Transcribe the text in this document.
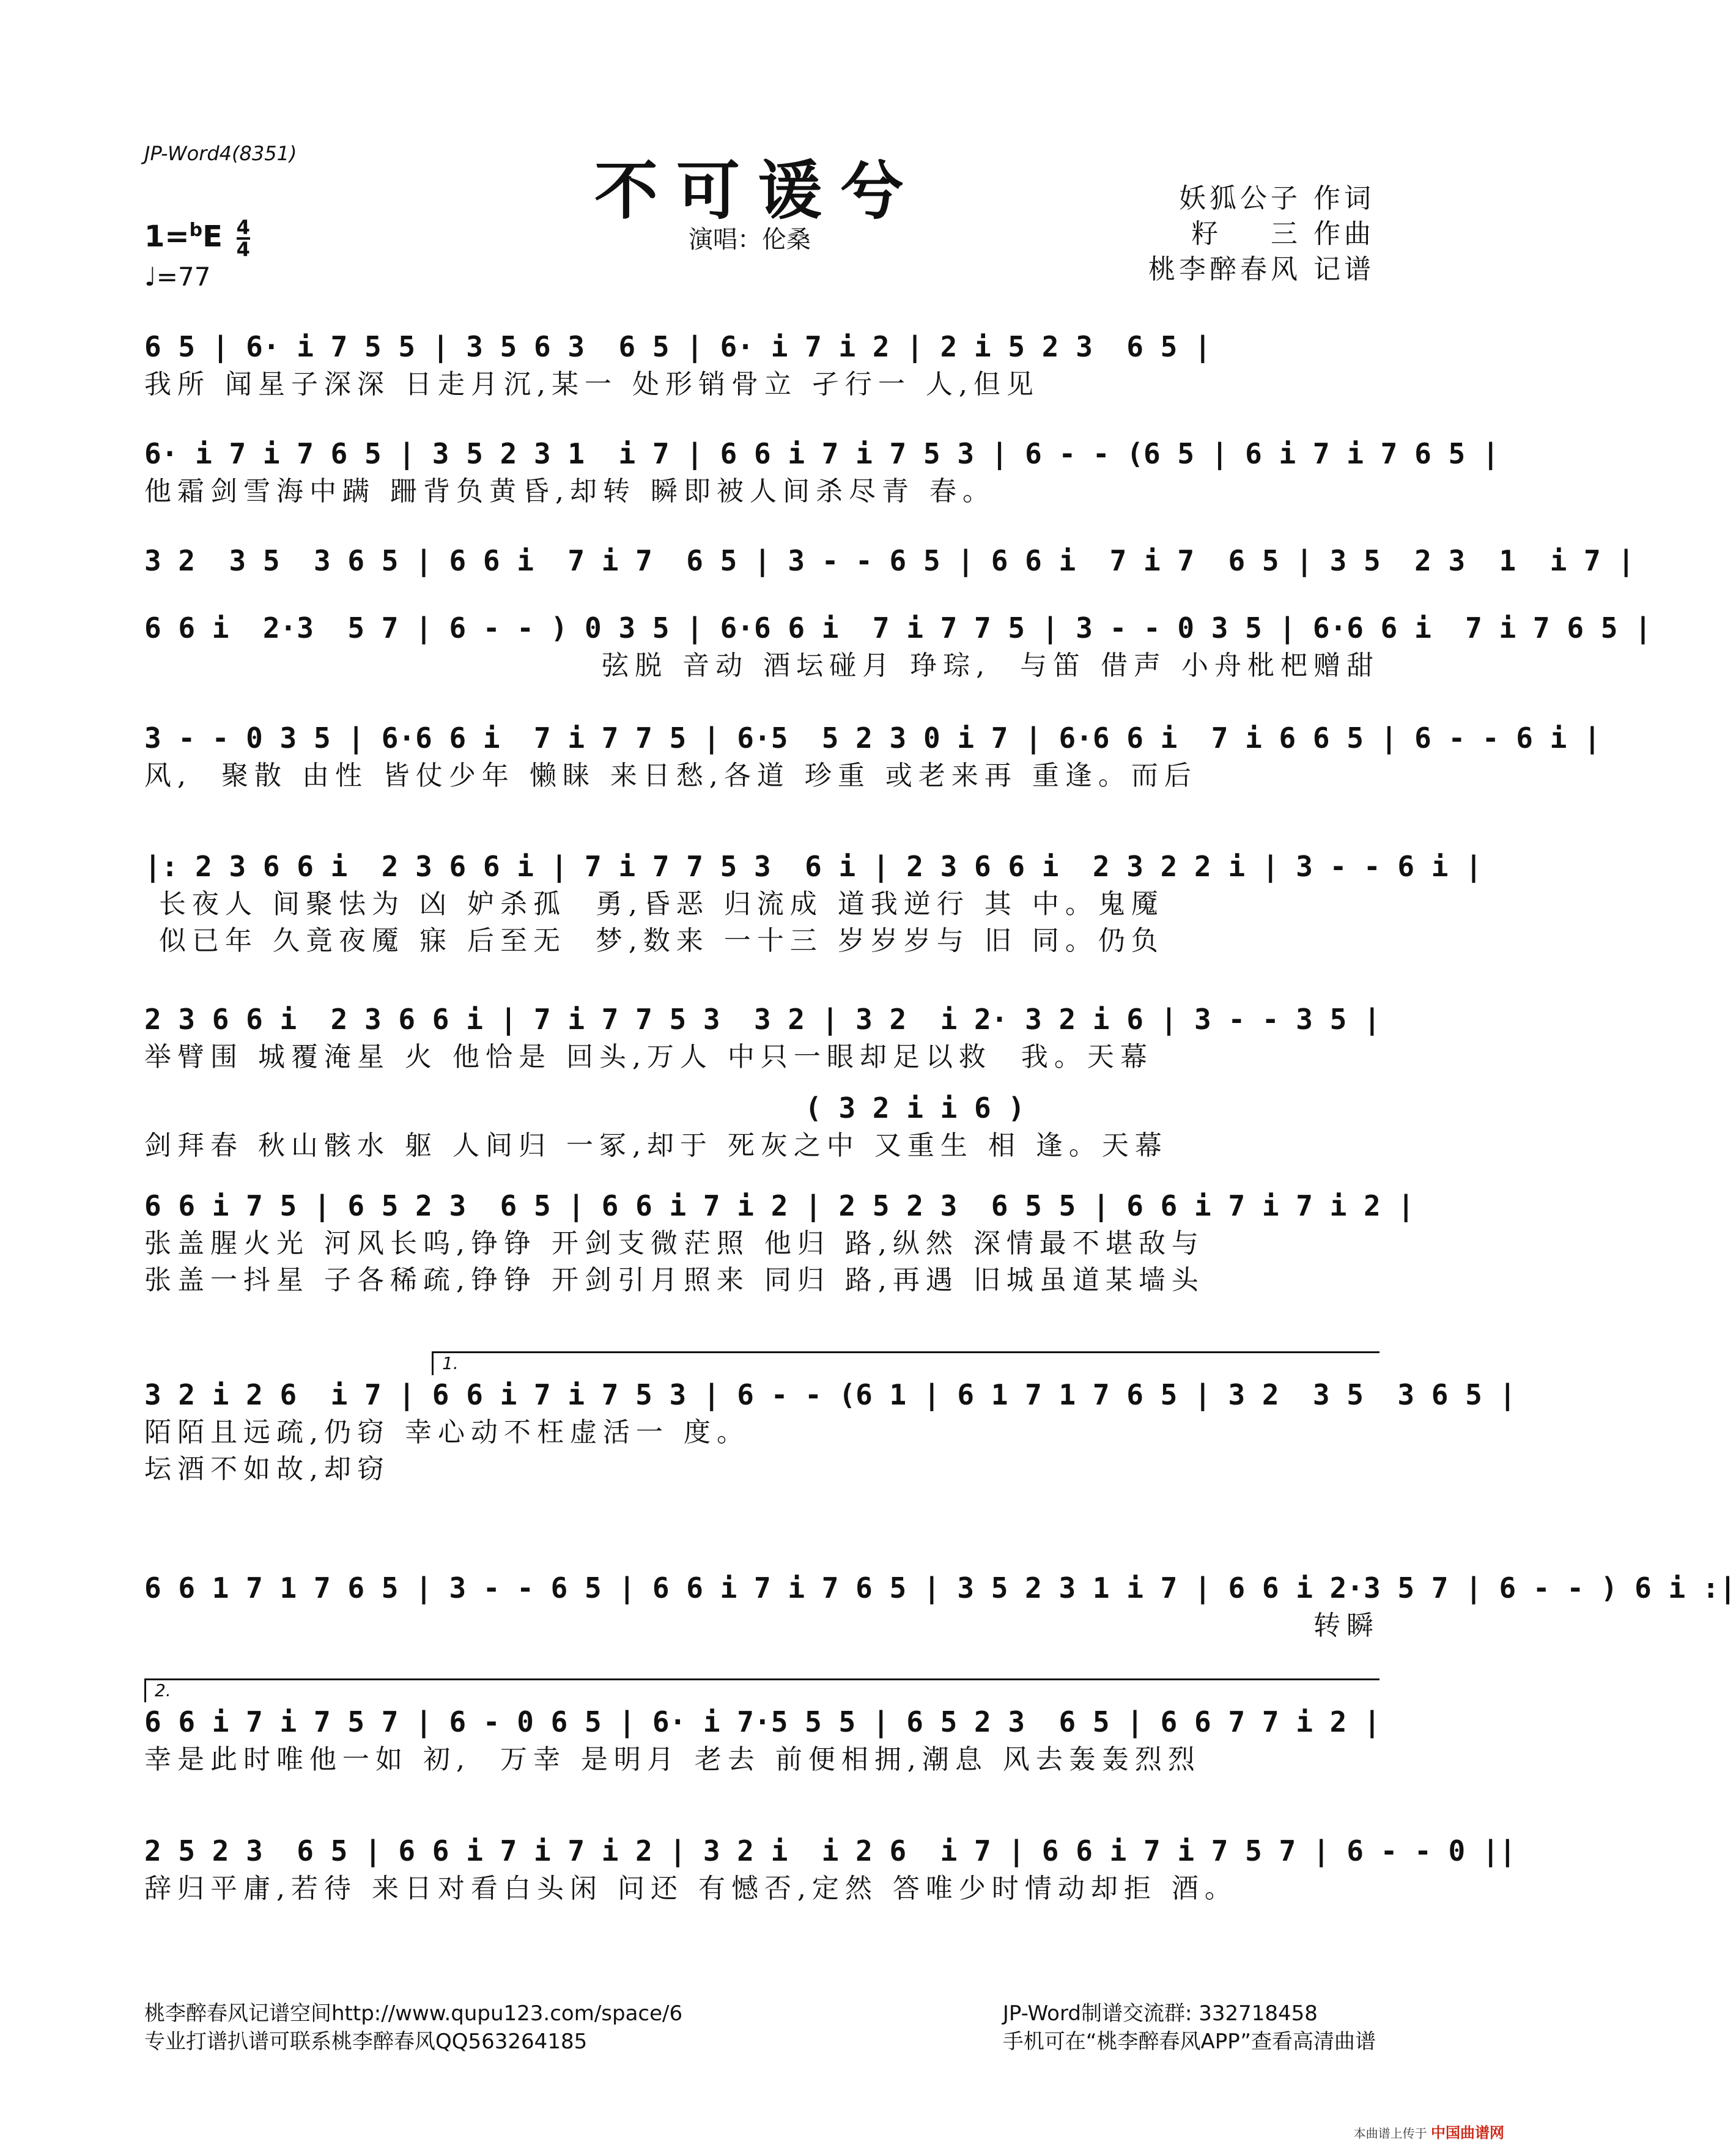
JP-Word4(8351)	不可谖兮
演唱：伦桑
妖狐公子 作词
籽    三 作曲
桃李醉春风 记谱
$1=^bE \frac{4}{4}$
♩=77
6 5 | 6· i 7 5 5 | 3 5 6 3  6 5 | 6· i 7 i 2 | 2 i 5 2 3  6 5 |
我所 闻星子深深 日走月沉,某一 处形销骨立 孑行一 人,但见
6· i 7 i 7 6 5 | 3 5 2 3 1  i 7 | 6 6 i 7 i 7 5 3 | 6 - - (6 5 | 6 i 7 i 7 6 5 |
他霜剑雪海中蹒 跚背负黄昏,却转 瞬即被人间杀尽青 春。
3 2  3 5  3 6 5 | 6 6 i  7 i 7  6 5 | 3 - - 6 5 | 6 6 i  7 i 7  6 5 | 3 5  2 3  1  i 7 |
6 6 i  2·3  5 7 | 6 - - ) 0 3 5 | 6·6 6 i  7 i 7 7 5 | 3 - - 0 3 5 | 6·6 6 i  7 i 7 6 5 |
弦脱 音动 酒坛碰月 琤琮,  与笛 借声 小舟枇杷赠甜
3 - - 0 3 5 | 6·6 6 i  7 i 7 7 5 | 6·5  5 2 3 0 i 7 | 6·6 6 i  7 i 6 6 5 | 6 - - 6 i |
风,  聚散 由性 皆仗少年 懒睐 来日愁,各道 珍重 或老来再 重逢。而后
|: 2 3 6 6 i  2 3 6 6 i | 7 i 7 7 5 3  6 i | 2 3 6 6 i  2 3 2 2 i | 3 - - 6 i |
长夜人 间聚怯为 凶 妒杀孤  勇,昏恶 归流成 道我逆行 其 中。鬼魇
似已年 久竟夜魇 寐 后至无  梦,数来 一十三 岁岁岁与 旧 同。仍负
2 3 6 6 i  2 3 6 6 i | 7 i 7 7 5 3  3 2 | 3 2  i 2· 3 2 i 6 | 3 - - 3 5 |
举臂围 城覆淹星 火 他恰是 回头,万人 中只一眼却足以救  我。天幕
( 3 2 i i 6 )
剑拜春 秋山骸水 躯 人间归 一冢,却于 死灰之中 又重生 相 逢。天幕
6 6 i 7 5 | 6 5 2 3  6 5 | 6 6 i 7 i 2 | 2 5 2 3  6 5 5 | 6 6 i 7 i 7 i 2 |
张盖腥火光 河风长呜,铮铮 开剑支微茫照 他归 路,纵然 深情最不堪敌与
张盖一抖星 子各稀疏,铮铮 开剑引月照来 同归 路,再遇 旧城虽道某墙头
1.
3 2 i 2 6  i 7 | 6 6 i 7 i 7 5 3 | 6 - - (6 1 | 6 1 7 1 7 6 5 | 3 2  3 5  3 6 5 |
陌陌且远疏,仍窃 幸心动不枉虚活一 度。
坛酒不如故,却窃
6 6 1 7 1 7 6 5 | 3 - - 6 5 | 6 6 i 7 i 7 6 5 | 3 5 2 3 1 i 7 | 6 6 i 2·3 5 7 | 6 - - ) 6 i :|
转瞬
2.
6 6 i 7 i 7 5 7 | 6 - 0 6 5 | 6· i 7·5 5 5 | 6 5 2 3  6 5 | 6 6 7 7 i 2 |
幸是此时唯他一如 初,  万幸 是明月 老去 前便相拥,潮息 风去轰轰烈烈
2 5 2 3  6 5 | 6 6 i 7 i 7 i 2 | 3 2 i  i 2 6  i 7 | 6 6 i 7 i 7 5 7 | 6 - - 0 ||
辞归平庸,若待 来日对看白头闲 问还 有憾否,定然 答唯少时情动却拒 酒。
桃李醉春风记谱空间http://www.qupu123.com/space/6
专业打谱扒谱可联系桃李醉春风QQ563264185
JP-Word制谱交流群: 332718458
手机可在“桃李醉春风APP”查看高清曲谱
本曲谱上传于 中国曲谱网
